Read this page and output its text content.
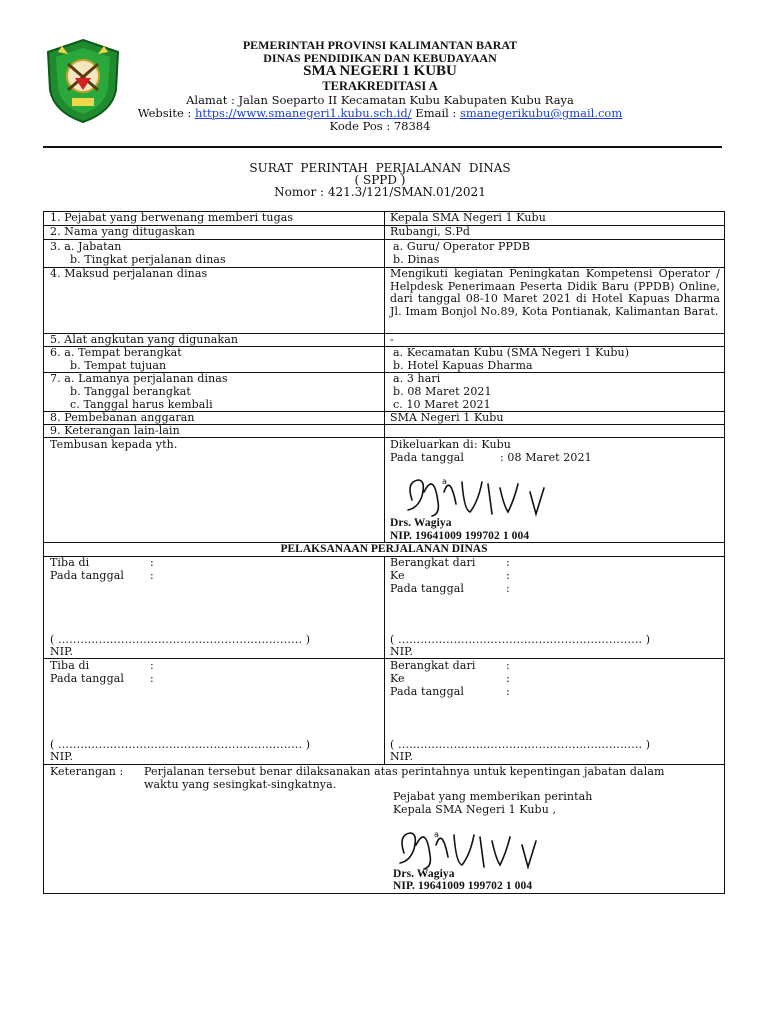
PEMERINTAH PROVINSI KALIMANTAN BARAT
DINAS PENDIDIKAN DAN KEBUDAYAAN
SMA NEGERI 1 KUBU
TERAKREDITASI A
Alamat : Jalan Soeparto II Kecamatan Kubu Kabupaten Kubu Raya
Website : https://www.smanegeri1.kubu.sch.id/ Email : smanegerikubu@gmail.com
Kode Pos : 78384
SURAT  PERINTAH  PERJALANAN  DINAS
( SPPD )
Nomor : 421.3/121/SMAN.01/2021
1. Pejabat yang berwenang memberi tugas	Kepala SMA Negeri 1 Kubu
2. Nama yang ditugaskan	Rubangi, S.Pd
3. a. Jabatan	a. Guru/ Operator PPDB
b. Tingkat perjalanan dinas	b. Dinas
4. Maksud perjalanan dinas	Mengikuti kegiatan Peningkatan Kompetensi Operator / Helpdesk Penerimaan Peserta Didik Baru (PPDB) Online, dari tanggal 08-10 Maret 2021 di Hotel Kapuas Dharma Jl. Imam Bonjol No.89, Kota Pontianak, Kalimantan Barat.
5. Alat angkutan yang digunakan	-
6. a. Tempat berangkat	a. Kecamatan Kubu (SMA Negeri 1 Kubu)
b. Tempat tujuan	b. Hotel Kapuas Dharma
7. a. Lamanya perjalanan dinas	a. 3 hari
b. Tanggal berangkat	b. 08 Maret 2021
c. Tanggal harus kembali	c. 10 Maret 2021
8. Pembebanan anggaran	SMA Negeri 1 Kubu
9. Keterangan lain-lain
Tembusan kepada yth.	Dikeluarkan di : Kubu
Pada tanggal	: 08 Maret 2021
a
Drs. Wagiya
NIP. 19641009 199702 1 004
PELAKSANAAN PERJALANAN DINAS
Tiba di	:
Pada tanggal :
( ………………………………………………………… )
NIP.
Berangkat dari	:
Ke	:
Pada tanggal	:
( ………………………………………………………… )
NIP.
Tiba di	:
Pada tanggal :
( ………………………………………………………… )
NIP.
Berangkat dari	:
Ke	:
Pada tanggal	:
( ………………………………………………………… )
NIP.
Keterangan : Perjalanan tersebut benar dilaksanakan atas perintahnya untuk kepentingan jabatan dalam
waktu yang sesingkat-singkatnya.
Pejabat yang memberikan perintah
Kepala SMA Negeri 1 Kubu ,
a
Drs. Wagiya
NIP. 19641009 199702 1 004
